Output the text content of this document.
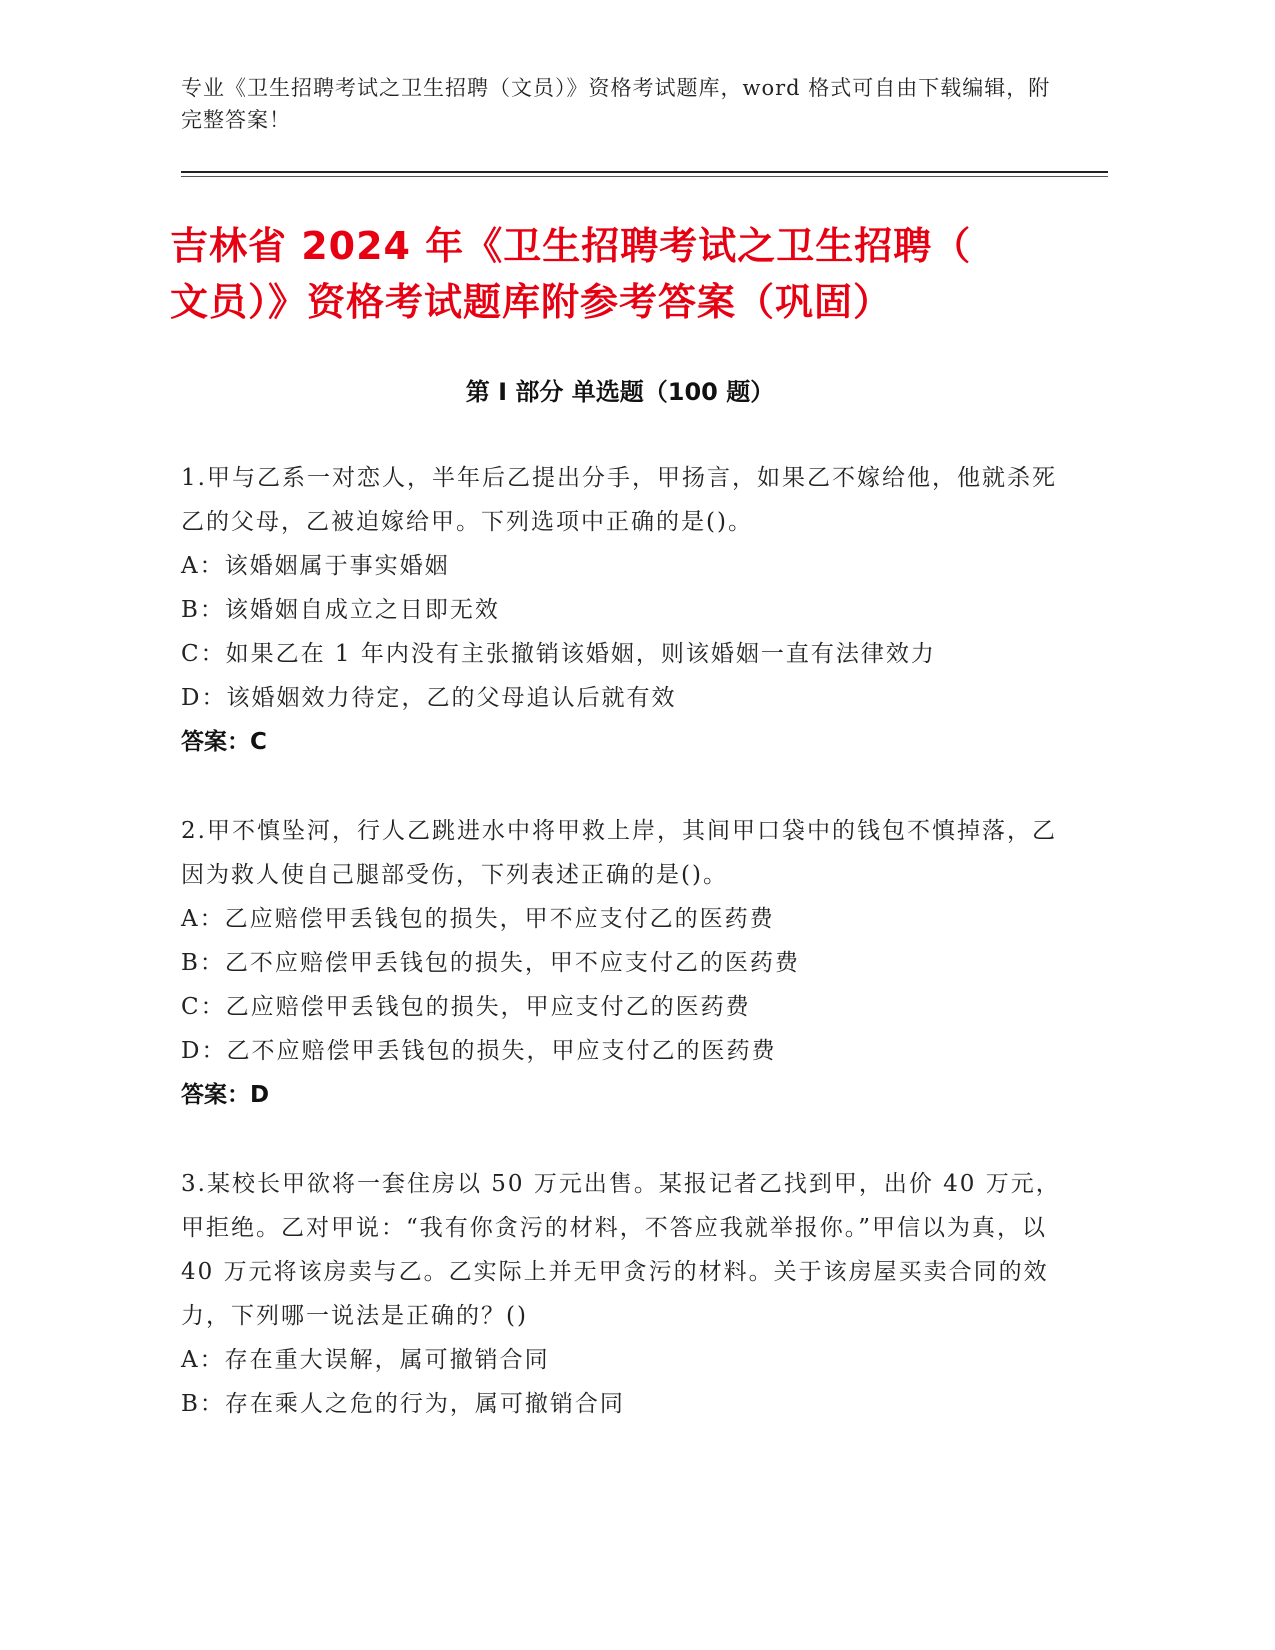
专业《卫生招聘考试之卫生招聘（文员）》资格考试题库，word 格式可自由下载编辑，附完整答案！
吉林省 2024 年《卫生招聘考试之卫生招聘（
文员）》资格考试题库附参考答案（巩固）
第 I 部分 单选题（100 题）
1.甲与乙系一对恋人，半年后乙提出分手，甲扬言，如果乙不嫁给他，他就杀死乙的父母，乙被迫嫁给甲。下列选项中正确的是()。
A：该婚姻属于事实婚姻
B：该婚姻自成立之日即无效
C：如果乙在 1 年内没有主张撤销该婚姻，则该婚姻一直有法律效力
D：该婚姻效力待定，乙的父母追认后就有效
答案：C
2.甲不慎坠河，行人乙跳进水中将甲救上岸，其间甲口袋中的钱包不慎掉落，乙因为救人使自己腿部受伤，下列表述正确的是()。
A：乙应赔偿甲丢钱包的损失，甲不应支付乙的医药费
B：乙不应赔偿甲丢钱包的损失，甲不应支付乙的医药费
C：乙应赔偿甲丢钱包的损失，甲应支付乙的医药费
D：乙不应赔偿甲丢钱包的损失，甲应支付乙的医药费
答案：D
3.某校长甲欲将一套住房以 50 万元出售。某报记者乙找到甲，出价 40 万元，甲拒绝。乙对甲说：“我有你贪污的材料，不答应我就举报你。”甲信以为真，以 40 万元将该房卖与乙。乙实际上并无甲贪污的材料。关于该房屋买卖合同的效力，下列哪一说法是正确的？()
A：存在重大误解，属可撤销合同
B：存在乘人之危的行为，属可撤销合同
